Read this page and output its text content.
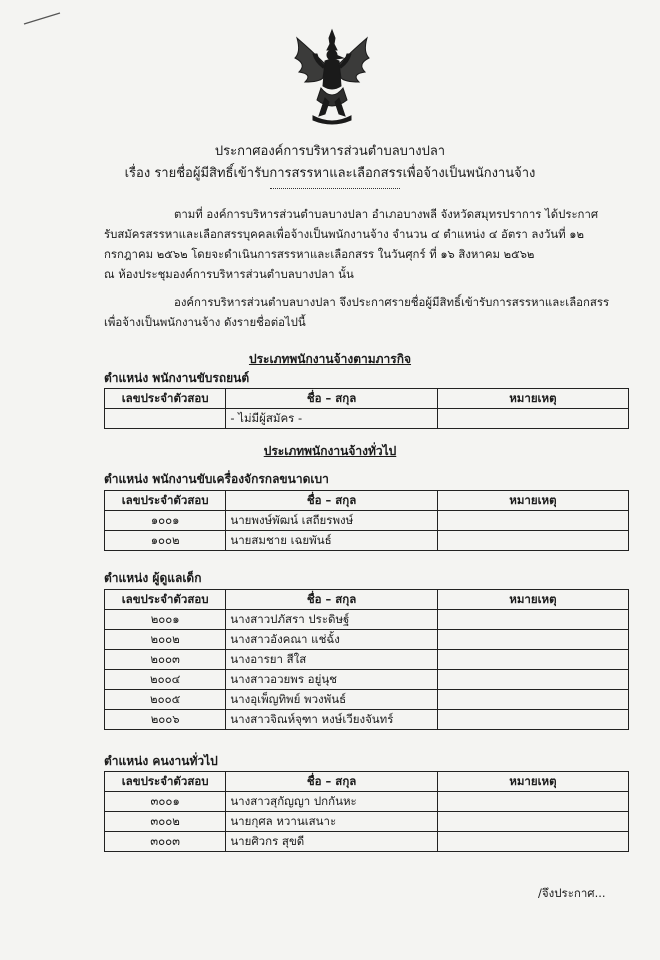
ประกาศองค์การบริหารส่วนตำบลบางปลา
เรื่อง รายชื่อผู้มีสิทธิ์เข้ารับการสรรหาและเลือกสรรเพื่อจ้างเป็นพนักงานจ้าง
ตามที่ องค์การบริหารส่วนตำบลบางปลา อำเภอบางพลี จังหวัดสมุทรปราการ ได้ประกาศ
รับสมัครสรรหาและเลือกสรรบุคคลเพื่อจ้างเป็นพนักงานจ้าง จำนวน ๔ ตำแหน่ง ๔ อัตรา ลงวันที่ ๑๒
กรกฎาคม ๒๕๖๒ โดยจะดำเนินการสรรหาและเลือกสรร ในวันศุกร์ ที่ ๑๖ สิงหาคม ๒๕๖๒
ณ ห้องประชุมองค์การบริหารส่วนตำบลบางปลา นั้น
องค์การบริหารส่วนตำบลบางปลา จึงประกาศรายชื่อผู้มีสิทธิ์เข้ารับการสรรหาและเลือกสรร
เพื่อจ้างเป็นพนักงานจ้าง ดังรายชื่อต่อไปนี้
ประเภทพนักงานจ้างตามภารกิจ
ตำแหน่ง พนักงานขับรถยนต์
เลขประจำตัวสอบ	ชื่อ – สกุล	หมายเหตุ
	- ไม่มีผู้สมัคร -	
ประเภทพนักงานจ้างทั่วไป
ตำแหน่ง พนักงานขับเครื่องจักรกลขนาดเบา
เลขประจำตัวสอบ	ชื่อ – สกุล	หมายเหตุ
๑๐๐๑	นายพงษ์พัฒน์ เสถียรพงษ์	
๑๐๐๒	นายสมชาย เฉยพันธ์	
ตำแหน่ง ผู้ดูแลเด็ก
เลขประจำตัวสอบ	ชื่อ – สกุล	หมายเหตุ
๒๐๐๑	นางสาวปภัสรา ประดิษฐ์	
๒๐๐๒	นางสาวอังคณา แช่ฉั้ง	
๒๐๐๓	นางอารยา สีใส	
๒๐๐๔	นางสาวอวยพร อยู่นุช	
๒๐๐๕	นางอุเพ็ญทิพย์ พวงพันธ์	
๒๐๐๖	นางสาวจิณห์จุฑา หงษ์เวียงจันทร์	
ตำแหน่ง คนงานทั่วไป
เลขประจำตัวสอบ	ชื่อ – สกุล	หมายเหตุ
๓๐๐๑	นางสาวสุกัญญา ปกกันหะ	
๓๐๐๒	นายกุศล หวานเสนาะ	
๓๐๐๓	นายศิวกร สุขดี	
/จึงประกาศ...
